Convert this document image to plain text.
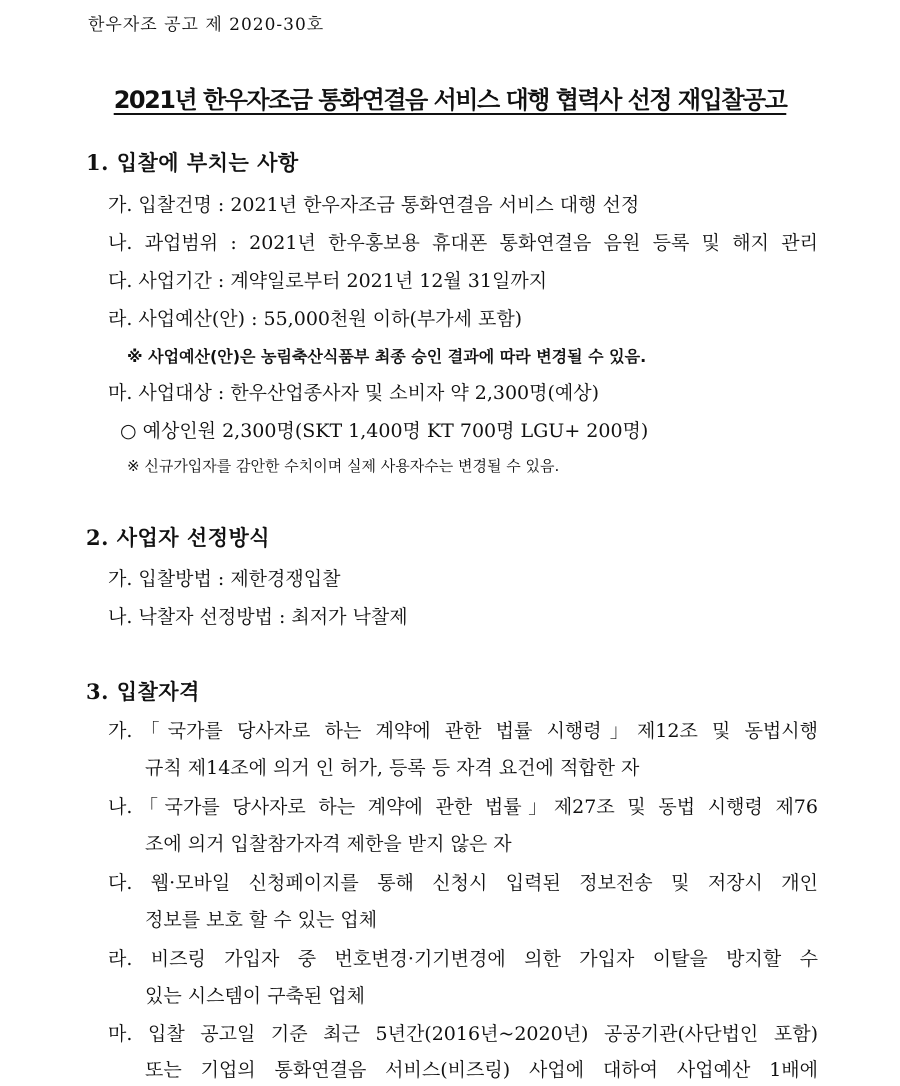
한우자조 공고 제 2020-30호
2021년 한우자조금 통화연결음 서비스 대행 협력사 선정 재입찰공고
1. 입찰에 부치는 사항
가. 입찰건명 : 2021년 한우자조금 통화연결음 서비스 대행 선정
나. 과업범위 : 2021년 한우홍보용 휴대폰 통화연결음 음원 등록 및 해지 관리
다. 사업기간 : 계약일로부터 2021년 12월 31일까지
라. 사업예산(안) : 55,000천원 이하(부가세 포함)
※ 사업예산(안)은 농림축산식품부 최종 승인 결과에 따라 변경될 수 있음.
마. 사업대상 : 한우산업종사자 및 소비자 약 2,300명(예상)
○ 예상인원 2,300명(SKT 1,400명 KT 700명 LGU+ 200명)
※ 신규가입자를 감안한 수치이며 실제 사용자수는 변경될 수 있음.
2. 사업자 선정방식
가. 입찰방법 : 제한경쟁입찰
나. 낙찰자 선정방법 : 최저가 낙찰제
3. 입찰자격
가.「국가를 당사자로 하는 계약에 관한 법률 시행령」제12조 및 동법시행
규칙 제14조에 의거 인 허가, 등록 등 자격 요건에 적합한 자
나.「국가를 당사자로 하는 계약에 관한 법률」제27조 및 동법 시행령 제76
조에 의거 입찰참가자격 제한을 받지 않은 자
다. 웹·모바일 신청페이지를 통해 신청시 입력된 정보전송 및 저장시 개인
정보를 보호 할 수 있는 업체
라. 비즈링 가입자 중 번호변경·기기변경에 의한 가입자 이탈을 방지할 수
있는 시스템이 구축된 업체
마. 입찰 공고일 기준 최근 5년간(2016년~2020년) 공공기관(사단법인 포함)
또는 기업의 통화연결음 서비스(비즈링) 사업에 대하여 사업예산 1배에
